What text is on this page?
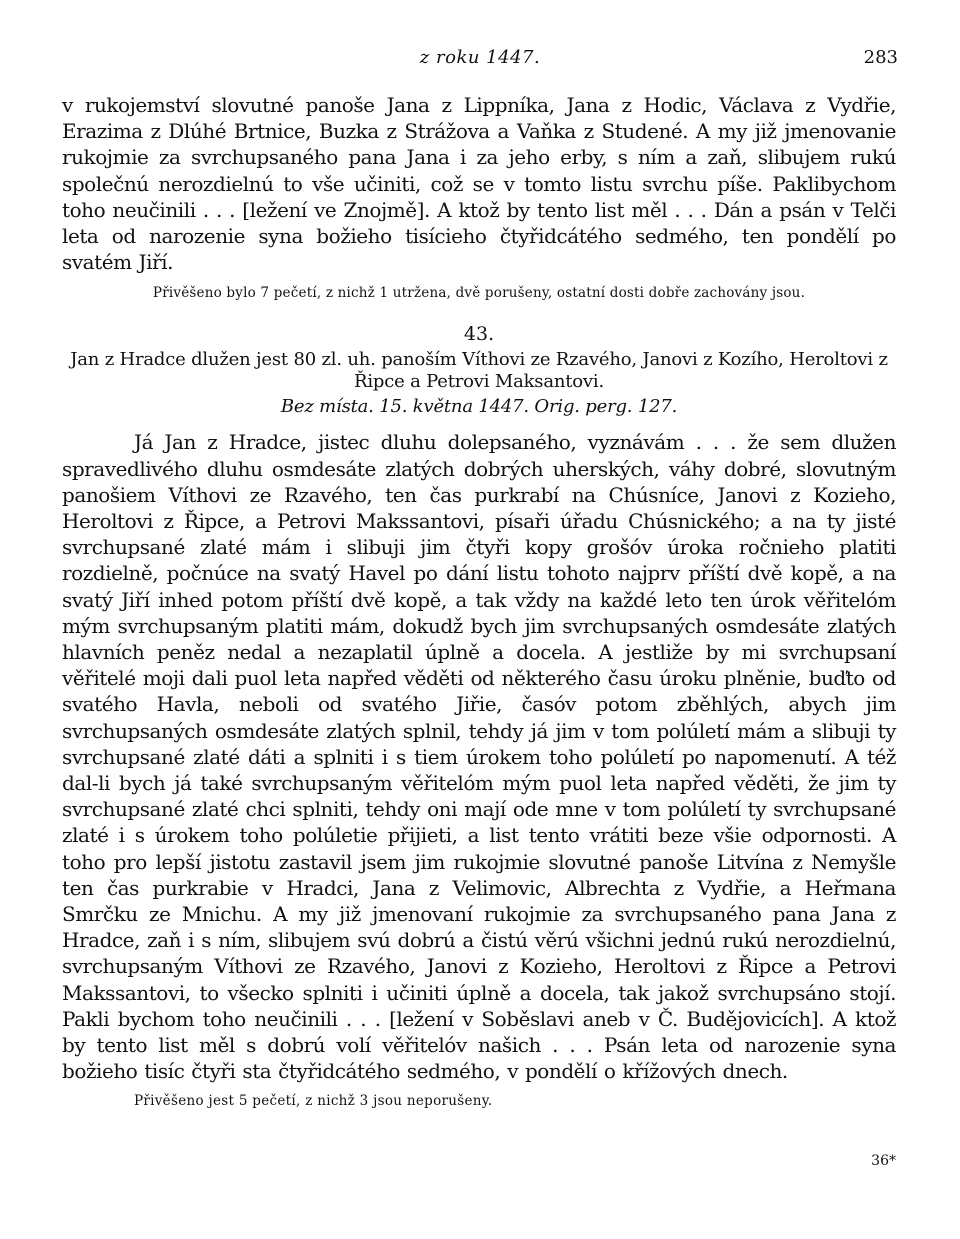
z roku 1447.	283

v rukojemství slovutné panoše Jana z Lippníka, Jana z Hodic, Václava z Vydřie, Erazima z Dlúhé Brtnice, Buzka z Strážova a Vaňka z Studené. A my již jmenovanie rukojmie za svrchupsaného pana Jana i za jeho erby, s ním a zaň, slibujem rukú společnú nerozdielnú to vše učiniti, což se v tomto listu svrchu píše. Paklibychom toho neučinili . . . [ležení ve Znojmě]. A ktož by tento list měl . . . Dán a psán v Telči leta od narozenie syna božieho tisícieho čtyřidcátého sedmého, ten pondělí po svatém Jiří.

Přivěšeno bylo 7 pečetí, z nichž 1 utržena, dvě porušeny, ostatní dosti dobře zachovány jsou.

43.

Jan z Hradce dlužen jest 80 zl. uh. panoším Víthovi ze Rzavého, Janovi z Kozího, Heroltovi z Řipce a Petrovi Maksantovi.

Bez místa. 15. května 1447. Orig. perg. 127.

Já Jan z Hradce, jistec dluhu dolepsaného, vyznávám . . . že sem dlužen spravedlivého dluhu osmdesáte zlatých dobrých uherských, váhy dobré, slovutným panošiem Víthovi ze Rzavého, ten čas purkrabí na Chúsníce, Janovi z Kozieho, Heroltovi z Řipce, a Petrovi Makssantovi, písaři úřadu Chúsnického; a na ty jisté svrchupsané zlaté mám i slibuji jim čtyři kopy grošóv úroka ročnieho platiti rozdielně, počnúce na svatý Havel po dání listu tohoto najprv příští dvě kopě, a na svatý Jiří inhed potom příští dvě kopě, a tak vždy na každé leto ten úrok věřitelóm mým svrchupsaným platiti mám, dokudž bych jim svrchupsaných osmdesáte zlatých hlavních peněz nedal a nezaplatil úplně a docela. A jestliže by mi svrchupsaní věřitelé moji dali puol leta napřed věděti od některého času úroku plněnie, buďto od svatého Havla, neboli od svatého Jiřie, časóv potom zběhlých, abych jim svrchupsaných osmdesáte zlatých splnil, tehdy já jim v tom polúletí mám a slibuji ty svrchupsané zlaté dáti a splniti i s tiem úrokem toho polúletí po napomenutí. A též dal-li bych já také svrchupsaným věřitelóm mým puol leta napřed věděti, že jim ty svrchupsané zlaté chci splniti, tehdy oni mají ode mne v tom polúletí ty svrchupsané zlaté i s úrokem toho polúletie přijieti, a list tento vrátiti beze všie odpornosti. A toho pro lepší jistotu zastavil jsem jim rukojmie slovutné panoše Litvína z Nemyšle ten čas purkrabie v Hradci, Jana z Velimovic, Albrechta z Vydřie, a Heřmana Smrčku ze Mnichu. A my již jmenovaní rukojmie za svrchupsaného pana Jana z Hradce, zaň i s ním, slibujem svú dobrú a čistú věrú všichni jednú rukú nerozdielnú, svrchupsaným Víthovi ze Rzavého, Janovi z Kozieho, Heroltovi z Řipce a Petrovi Makssantovi, to všecko splniti i učiniti úplně a docela, tak jakož svrchupsáno stojí. Pakli bychom toho neučinili . . . [ležení v Soběslavi aneb v Č. Budějovicích]. A ktož by tento list měl s dobrú volí věřitelóv našich . . . Psán leta od narozenie syna božieho tisíc čtyři sta čtyřidcátého sedmého, v pondělí o křížových dnech.

Přivěšeno jest 5 pečetí, z nichž 3 jsou neporušeny.

36*
